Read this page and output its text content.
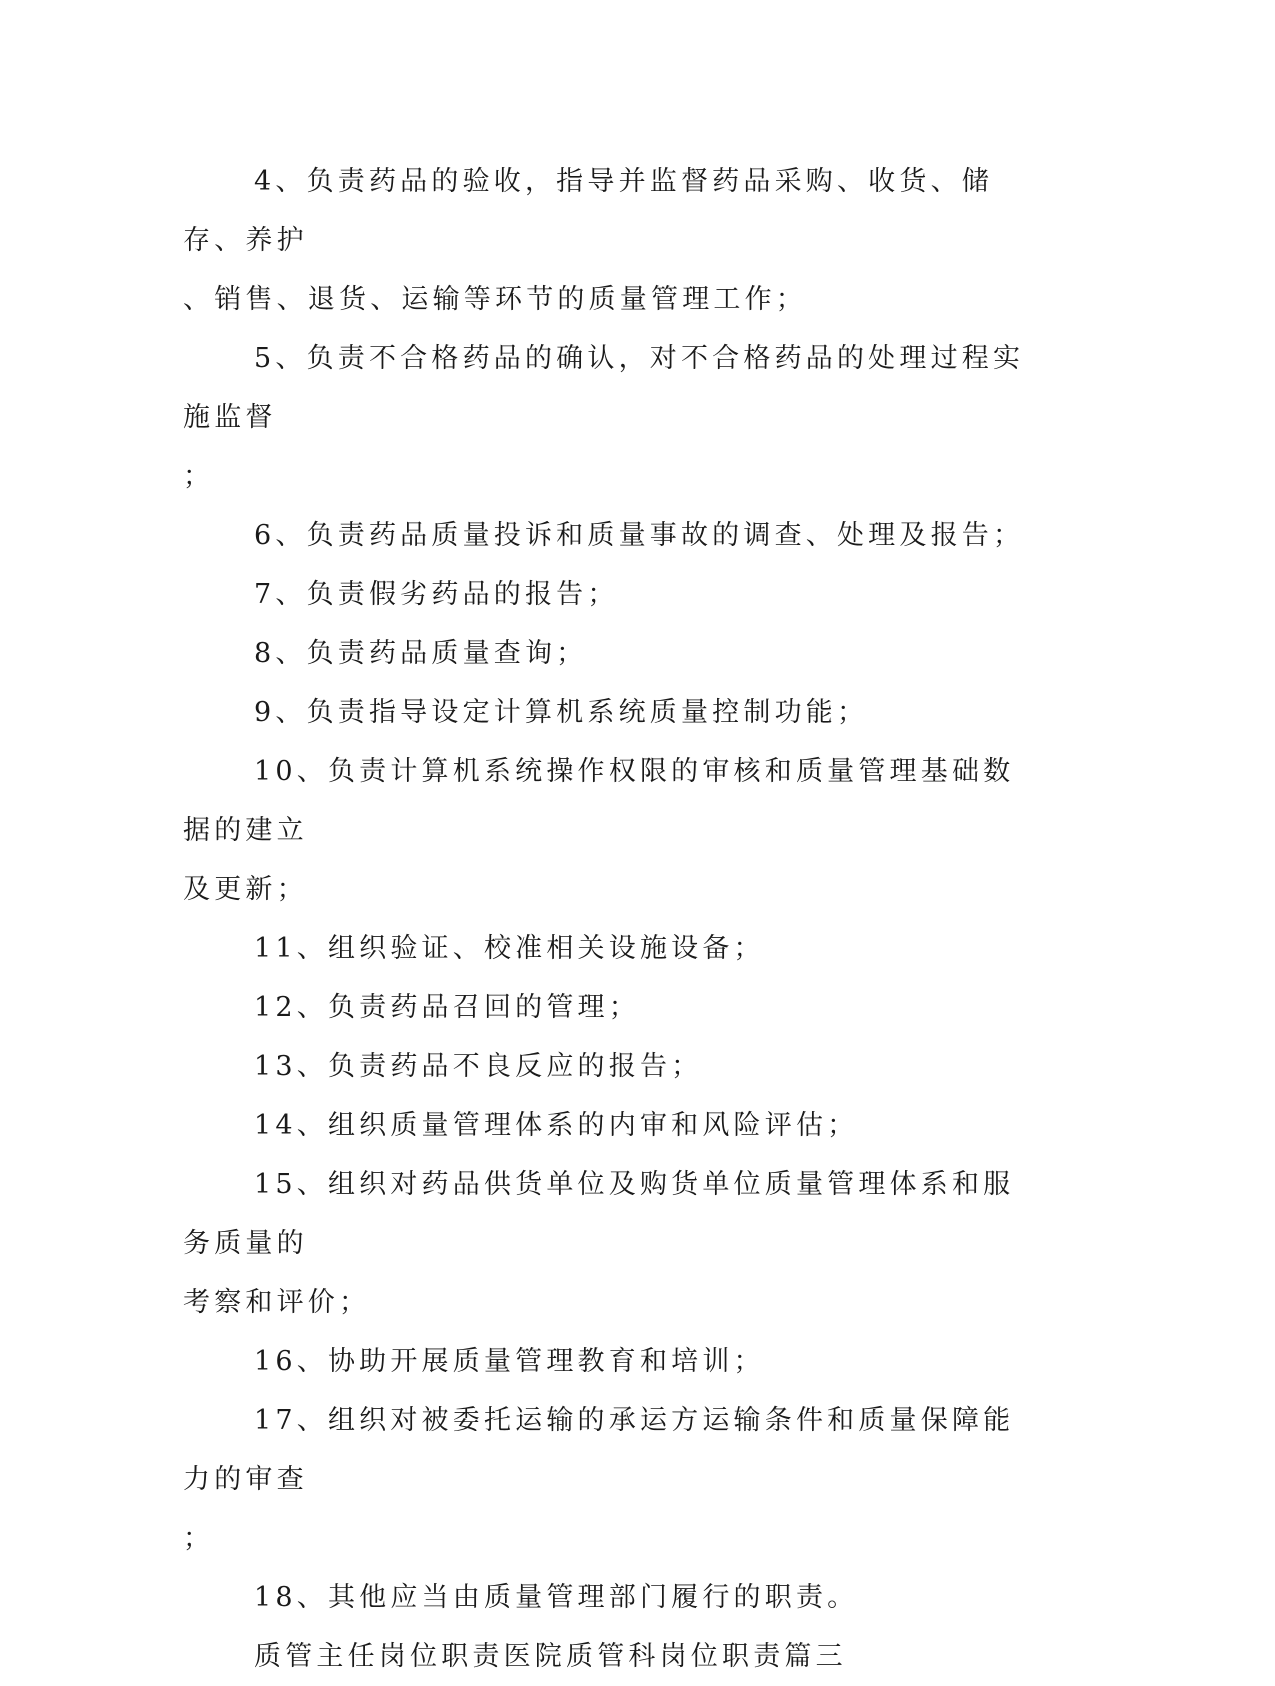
4、负责药品的验收，指导并监督药品采购、收货、储存、养护
、销售、退货、运输等环节的质量管理工作；

5、负责不合格药品的确认，对不合格药品的处理过程实施监督
；

6、负责药品质量投诉和质量事故的调查、处理及报告；

7、负责假劣药品的报告；

8、负责药品质量查询；

9、负责指导设定计算机系统质量控制功能；

10、负责计算机系统操作权限的审核和质量管理基础数据的建立
及更新；

11、组织验证、校准相关设施设备；

12、负责药品召回的管理；

13、负责药品不良反应的报告；

14、组织质量管理体系的内审和风险评估；

15、组织对药品供货单位及购货单位质量管理体系和服务质量的
考察和评价；

16、协助开展质量管理教育和培训；

17、组织对被委托运输的承运方运输条件和质量保障能力的审查
；

18、其他应当由质量管理部门履行的职责。

质管主任岗位职责医院质管科岗位职责篇三
